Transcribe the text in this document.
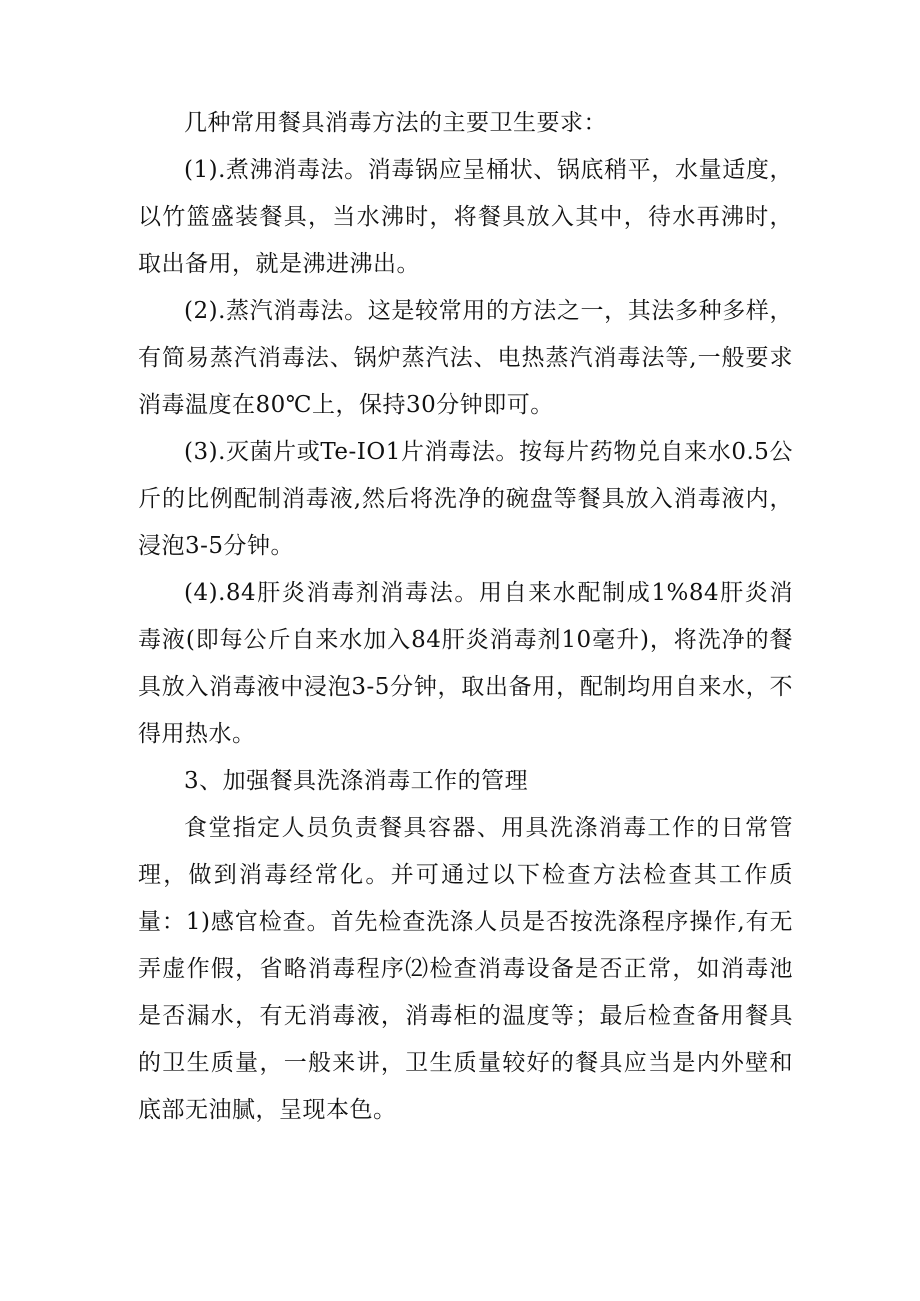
几种常用餐具消毒方法的主要卫生要求：

(1).煮沸消毒法。消毒锅应呈桶状、锅底稍平，水量适度，以竹篮盛装餐具，当水沸时，将餐具放入其中，待水再沸时，取出备用，就是沸进沸出。

(2).蒸汽消毒法。这是较常用的方法之一，其法多种多样，有简易蒸汽消毒法、锅炉蒸汽法、电热蒸汽消毒法等,一般要求消毒温度在80℃上，保持30分钟即可。

(3).灭菌片或Te-IO1片消毒法。按每片药物兑自来水0.5公斤的比例配制消毒液,然后将洗净的碗盘等餐具放入消毒液内，浸泡3-5分钟。

(4).84肝炎消毒剂消毒法。用自来水配制成1%84肝炎消毒液(即每公斤自来水加入84肝炎消毒剂10毫升)，将洗净的餐具放入消毒液中浸泡3-5分钟，取出备用，配制均用自来水，不得用热水。

3、加强餐具洗涤消毒工作的管理

食堂指定人员负责餐具容器、用具洗涤消毒工作的日常管理，做到消毒经常化。并可通过以下检查方法检查其工作质量：1)感官检查。首先检查洗涤人员是否按洗涤程序操作,有无弄虚作假，省略消毒程序⑵检查消毒设备是否正常，如消毒池是否漏水，有无消毒液，消毒柜的温度等；最后检查备用餐具的卫生质量，一般来讲，卫生质量较好的餐具应当是内外壁和底部无油腻，呈现本色。
